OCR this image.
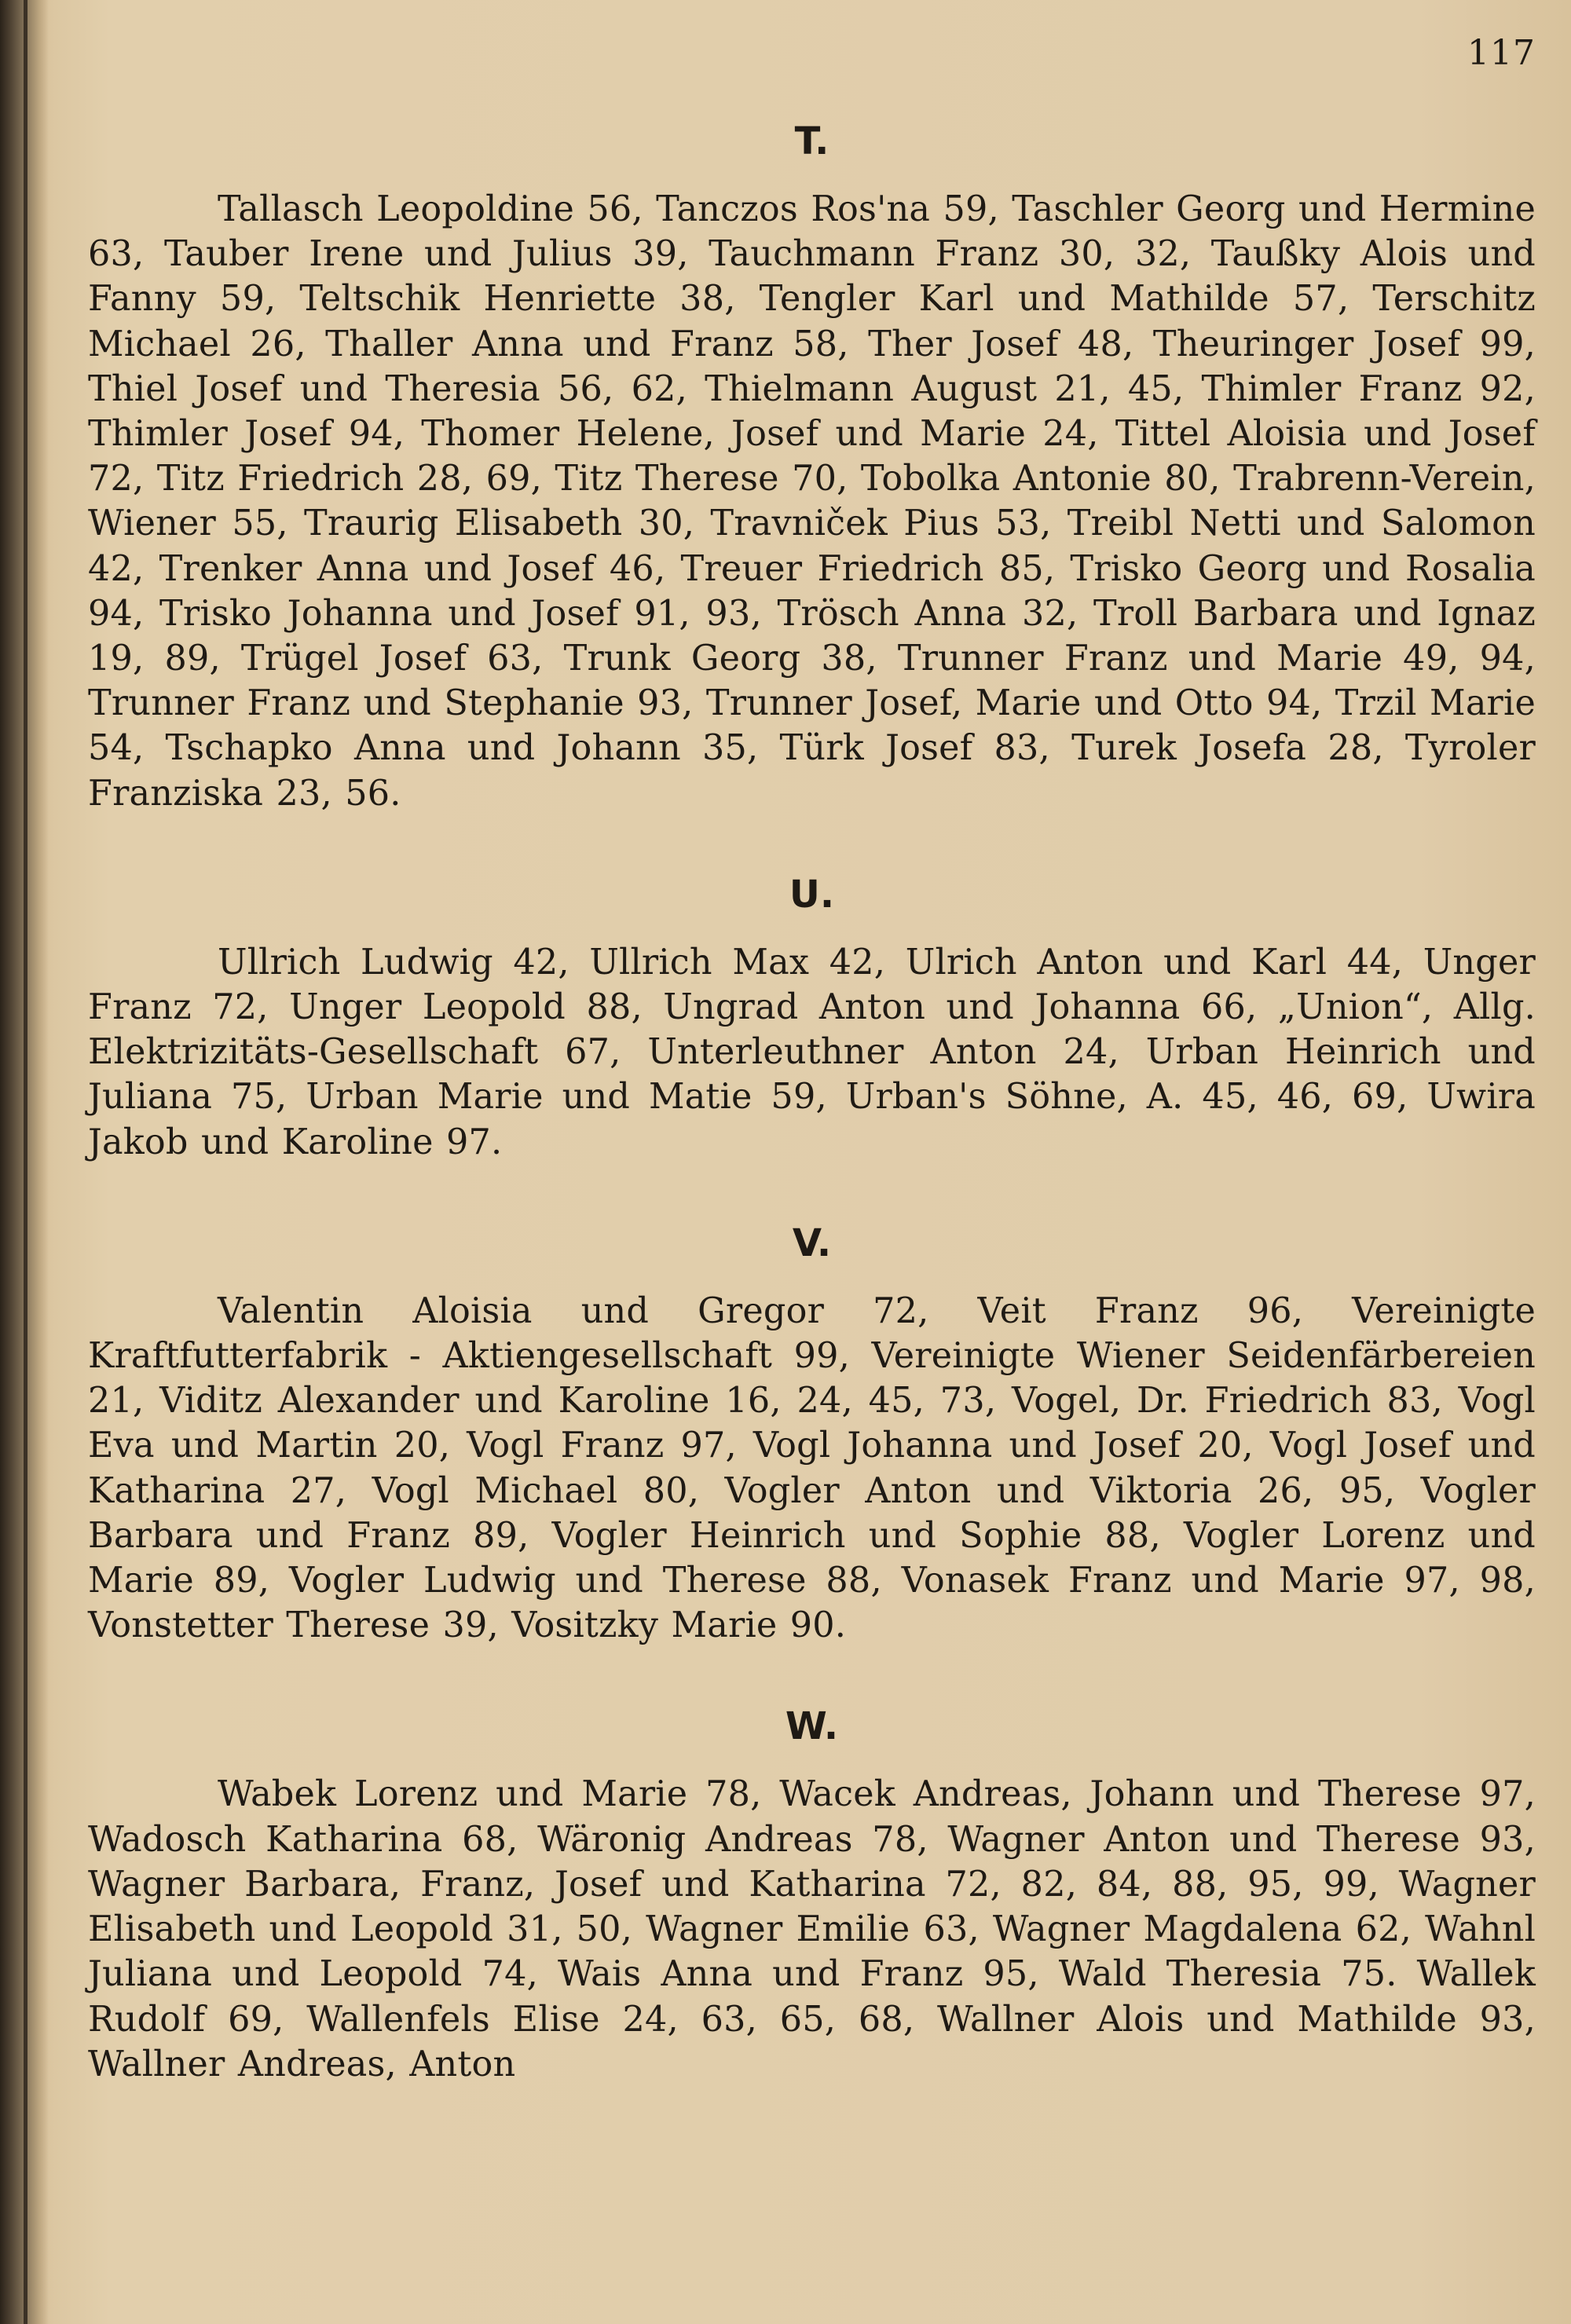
117
T.

Tallasch Leopoldine 56, Tanczos Ros'na 59, Taschler Georg und Hermine 63, Tauber Irene und Julius 39, Tauchmann Franz 30, 32, Taußky Alois und Fanny 59, Teltschik Henriette 38, Tengler Karl und Mathilde 57, Terschitz Michael 26, Thaller Anna und Franz 58, Ther Josef 48, Theuringer Josef 99, Thiel Josef und Theresia 56, 62, Thielmann August 21, 45, Thimler Franz 92, Thimler Josef 94, Thomer Helene, Josef und Marie 24, Tittel Aloisia und Josef 72, Titz Friedrich 28, 69, Titz Therese 70, Tobolka Antonie 80, Trabrenn-Verein, Wiener 55, Traurig Elisabeth 30, Travniček Pius 53, Treibl Netti und Salomon 42, Trenker Anna und Josef 46, Treuer Friedrich 85, Trisko Georg und Rosalia 94, Trisko Johanna und Josef 91, 93, Trösch Anna 32, Troll Barbara und Ignaz 19, 89, Trügel Josef 63, Trunk Georg 38, Trunner Franz und Marie 49, 94, Trunner Franz und Stephanie 93, Trunner Josef, Marie und Otto 94, Trzil Marie 54, Tschapko Anna und Johann 35, Türk Josef 83, Turek Josefa 28, Tyroler Franziska 23, 56.

U.

Ullrich Ludwig 42, Ullrich Max 42, Ulrich Anton und Karl 44, Unger Franz 72, Unger Leopold 88, Ungrad Anton und Johanna 66, „Union“, Allg. Elektrizitäts-Gesellschaft 67, Unterleuthner Anton 24, Urban Heinrich und Juliana 75, Urban Marie und Matie 59, Urban's Söhne, A. 45, 46, 69, Uwira Jakob und Karoline 97.

V.

Valentin Aloisia und Gregor 72, Veit Franz 96, Vereinigte Kraftfutterfabrik - Aktiengesellschaft 99, Vereinigte Wiener Seidenfärbereien 21, Viditz Alexander und Karoline 16, 24, 45, 73, Vogel, Dr. Friedrich 83, Vogl Eva und Martin 20, Vogl Franz 97, Vogl Johanna und Josef 20, Vogl Josef und Katharina 27, Vogl Michael 80, Vogler Anton und Viktoria 26, 95, Vogler Barbara und Franz 89, Vogler Heinrich und Sophie 88, Vogler Lorenz und Marie 89, Vogler Ludwig und Therese 88, Vonasek Franz und Marie 97, 98, Vonstetter Therese 39, Vositzky Marie 90.

W.

Wabek Lorenz und Marie 78, Wacek Andreas, Johann und Therese 97, Wadosch Katharina 68, Wäronig Andreas 78, Wagner Anton und Therese 93, Wagner Barbara, Franz, Josef und Katharina 72, 82, 84, 88, 95, 99, Wagner Elisabeth und Leopold 31, 50, Wagner Emilie 63, Wagner Magdalena 62, Wahnl Juliana und Leopold 74, Wais Anna und Franz 95, Wald Theresia 75. Wallek Rudolf 69, Wallenfels Elise 24, 63, 65, 68, Wallner Alois und Mathilde 93, Wallner Andreas, Anton
